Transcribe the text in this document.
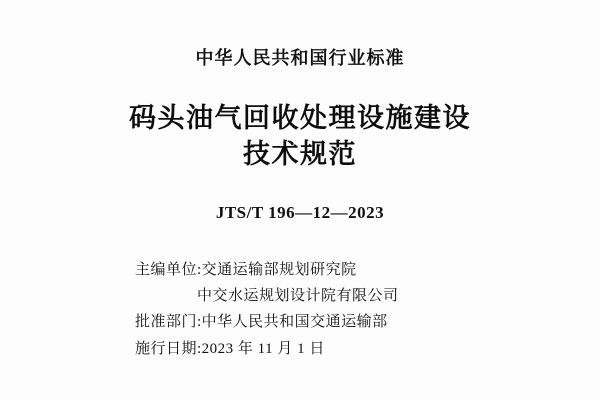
中华人民共和国行业标准
码头油气回收处理设施建设
技术规范
JTS/T 196—12—2023
主编单位:交通运输部规划研究院
中交水运规划设计院有限公司
批准部门:中华人民共和国交通运输部
施行日期:2023 年 11 月 1 日
